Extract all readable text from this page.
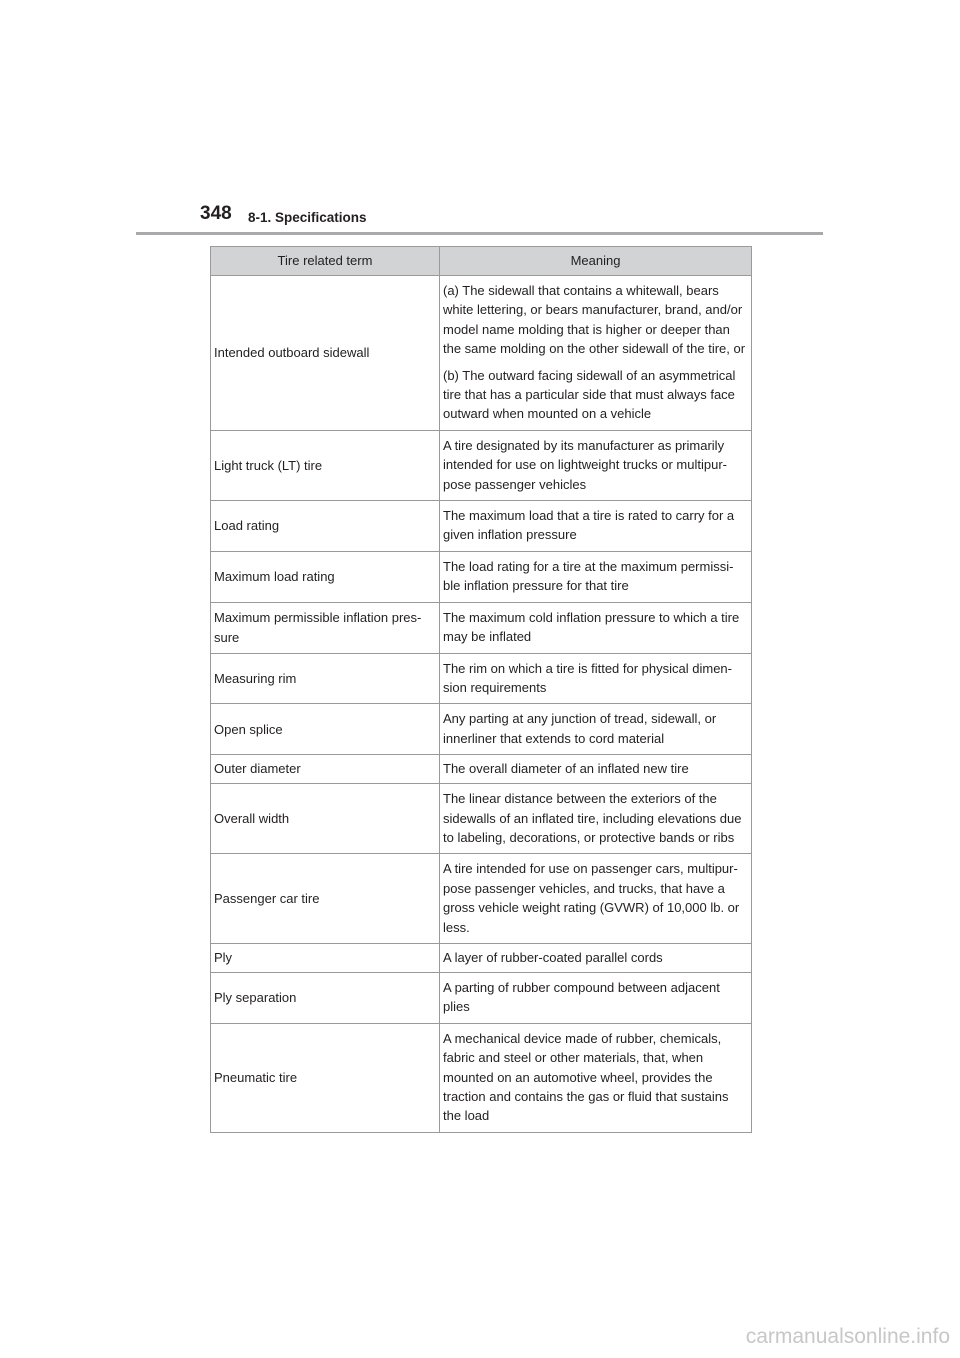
348 8-1. Specifications
Tire related term	Meaning
Intended outboard sidewall	(a) The sidewall that contains a whitewall, bears white lettering, or bears manufacturer, brand, and/or model name molding that is higher or deeper than the same molding on the other sidewall of the tire, or
(b) The outward facing sidewall of an asymmetrical tire that has a particular side that must always face outward when mounted on a vehicle

Light truck (LT) tire	A tire designated by its manufacturer as primarily intended for use on lightweight trucks or multipur-pose passenger vehicles
Load rating	The maximum load that a tire is rated to carry for a given inflation pressure
Maximum load rating	The load rating for a tire at the maximum permissi-ble inflation pressure for that tire
Maximum permissible inflation pres-sure	The maximum cold inflation pressure to which a tire may be inflated
Measuring rim	The rim on which a tire is fitted for physical dimen-sion requirements
Open splice	Any parting at any junction of tread, sidewall, or innerliner that extends to cord material
Outer diameter	The overall diameter of an inflated new tire
Overall width	The linear distance between the exteriors of the sidewalls of an inflated tire, including elevations due to labeling, decorations, or protective bands or ribs
Passenger car tire	A tire intended for use on passenger cars, multipur-pose passenger vehicles, and trucks, that have a gross vehicle weight rating (GVWR) of 10,000 lb. or less.
Ply	A layer of rubber-coated parallel cords
Ply separation	A parting of rubber compound between adjacent plies
Pneumatic tire	A mechanical device made of rubber, chemicals, fabric and steel or other materials, that, when mounted on an automotive wheel, provides the traction and contains the gas or fluid that sustains the load
carmanualsonline.info
